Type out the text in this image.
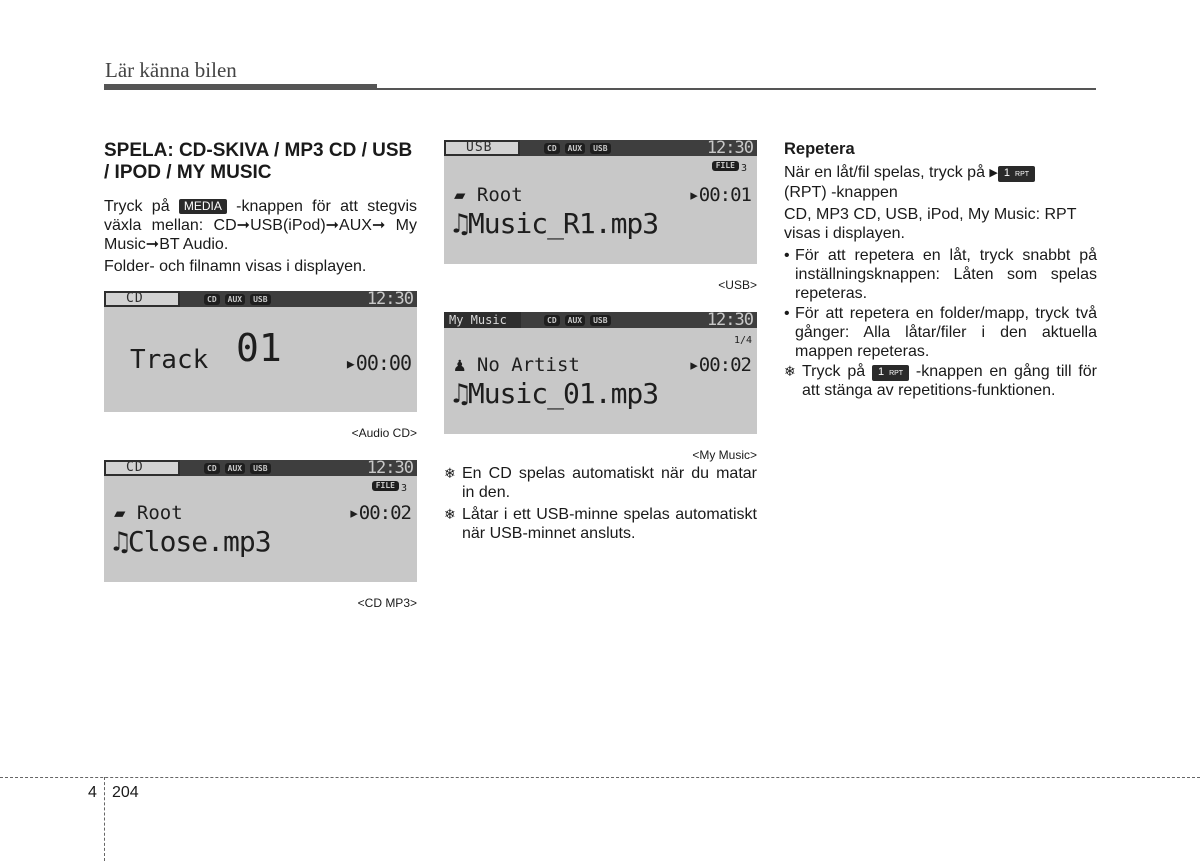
Lär känna bilen
SPELA: CD-SKIVA / MP3 CD / USB / IPOD / MY MUSIC

Tryck på MEDIA -knappen för att stegvis växla mellan: CD➞USB(iPod)➞AUX➞ My Music➞BT Audio.

Folder- och filnamn visas i displayen.

CD	CD	AUX	USB	12:30
Track 01	▸00:00
<Audio CD>
CD	CD	AUX	USB	12:30
FILE 3
▰ Root	▸00:02
♫Close.mp3
<CD MP3>
USB	CD	AUX	USB	12:30
FILE 3
▰ Root	▸00:01
♫Music_R1.mp3
<USB>
My Music	CD	AUX	USB	12:30
1/4
♟ No Artist	▸00:02
♫Music_01.mp3
<My Music>
❄ En CD spelas automatiskt när du matar in den.
❄ Låtar i ett USB-minne spelas automatiskt när USB-minnet ansluts.
Repetera

När en låt/fil spelas, tryck på ▶ 1 RPT
(RPT) -knappen

CD, MP3 CD, USB, iPod, My Music: RPT visas i displayen.

• För att repetera en låt, tryck snabbt på inställningsknappen: Låten som spelas repeteras.
• För att repetera en folder/mapp, tryck två gånger: Alla låtar/filer i den aktuella mappen repeteras.
❄ Tryck på 1 RPT -knappen en gång till för att stänga av repetitions-funktionen.
4 204
